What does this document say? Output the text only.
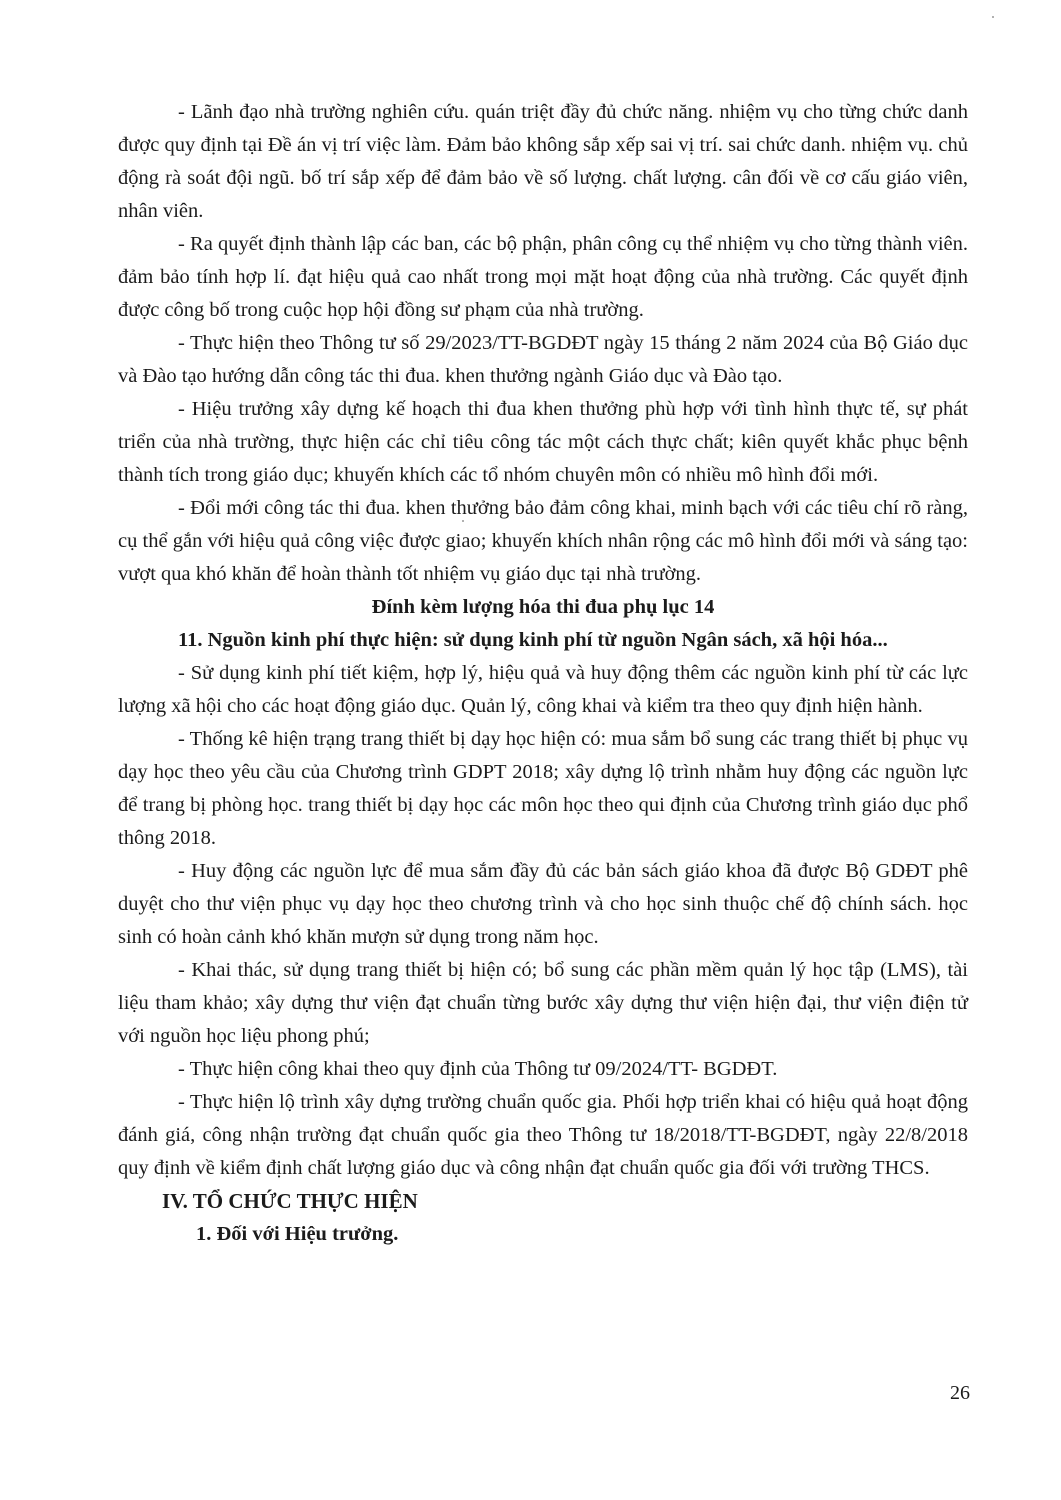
- Lãnh đạo nhà trường nghiên cứu. quán triệt đầy đủ chức năng. nhiệm vụ cho từng chức danh được quy định tại Đề án vị trí việc làm. Đảm bảo không sắp xếp sai vị trí. sai chức danh. nhiệm vụ. chủ động rà soát đội ngũ. bố trí sắp xếp để đảm bảo về số lượng. chất lượng. cân đối về cơ cấu giáo viên, nhân viên.

- Ra quyết định thành lập các ban, các bộ phận, phân công cụ thể nhiệm vụ cho từng thành viên. đảm bảo tính hợp lí. đạt hiệu quả cao nhất trong mọi mặt hoạt động của nhà trường. Các quyết định được công bố trong cuộc họp hội đồng sư phạm của nhà trường.

- Thực hiện theo Thông tư số 29/2023/TT-BGDĐT ngày 15 tháng 2 năm 2024 của Bộ Giáo dục và Đào tạo hướng dẫn công tác thi đua. khen thưởng ngành Giáo dục và Đào tạo.

- Hiệu trưởng xây dựng kế hoạch thi đua khen thưởng phù hợp với tình hình thực tế, sự phát triển của nhà trường, thực hiện các chỉ tiêu công tác một cách thực chất; kiên quyết khắc phục bệnh thành tích trong giáo dục; khuyến khích các tổ nhóm chuyên môn có nhiều mô hình đổi mới.

- Đổi mới công tác thi đua. khen thưởng bảo đảm công khai, minh bạch với các tiêu chí rõ ràng, cụ thể gắn với hiệu quả công việc được giao; khuyến khích nhân rộng các mô hình đổi mới và sáng tạo: vượt qua khó khăn để hoàn thành tốt nhiệm vụ giáo dục tại nhà trường.

Đính kèm lượng hóa thi đua phụ lục 14

11. Nguồn kinh phí thực hiện: sử dụng kinh phí từ nguồn Ngân sách, xã hội hóa...

- Sử dụng kinh phí tiết kiệm, hợp lý, hiệu quả và huy động thêm các nguồn kinh phí từ các lực lượng xã hội cho các hoạt động giáo dục. Quản lý, công khai và kiểm tra theo quy định hiện hành.

- Thống kê hiện trạng trang thiết bị dạy học hiện có: mua sắm bổ sung các trang thiết bị phục vụ dạy học theo yêu cầu của Chương trình GDPT 2018; xây dựng lộ trình nhằm huy động các nguồn lực để trang bị phòng học. trang thiết bị dạy học các môn học theo qui định của Chương trình giáo dục phổ thông 2018.

- Huy động các nguồn lực để mua sắm đầy đủ các bản sách giáo khoa đã được Bộ GDĐT phê duyệt cho thư viện phục vụ dạy học theo chương trình và cho học sinh thuộc chế độ chính sách. học sinh có hoàn cảnh khó khăn mượn sử dụng trong năm học.

- Khai thác, sử dụng trang thiết bị hiện có; bổ sung các phần mềm quản lý học tập (LMS), tài liệu tham khảo; xây dựng thư viện đạt chuẩn từng bước xây dựng thư viện hiện đại, thư viện điện tử với nguồn học liệu phong phú;

- Thực hiện công khai theo quy định của Thông tư 09/2024/TT- BGDĐT.

- Thực hiện lộ trình xây dựng trường chuẩn quốc gia. Phối hợp triển khai có hiệu quả hoạt động đánh giá, công nhận trường đạt chuẩn quốc gia theo Thông tư 18/2018/TT-BGDĐT, ngày 22/8/2018 quy định về kiểm định chất lượng giáo dục và công nhận đạt chuẩn quốc gia đối với trường THCS.

IV. TỔ CHỨC THỰC HIỆN

1. Đối với Hiệu trưởng.

26
